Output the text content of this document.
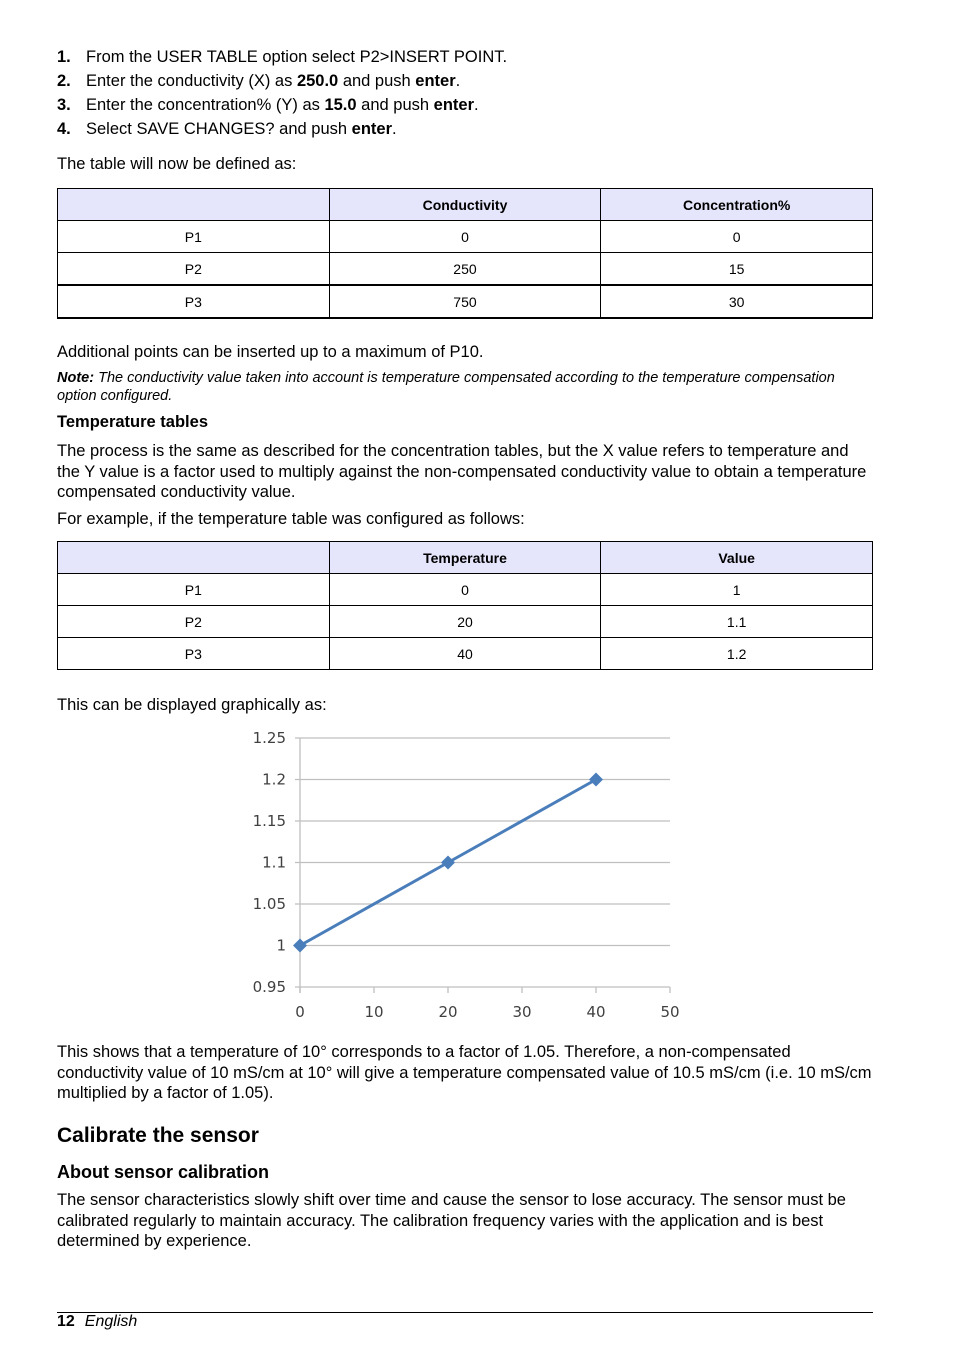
1. From the USER TABLE option select P2>INSERT POINT.
2. Enter the conductivity (X) as 250.0 and push enter.
3. Enter the concentration% (Y) as 15.0 and push enter.
4. Select SAVE CHANGES? and push enter.
The table will now be defined as:
	Conductivity	Concentration%
P1	0	0
P2	250	15
P3	750	30
Additional points can be inserted up to a maximum of P10.
Note: The conductivity value taken into account is temperature compensated according to the temperature compensation option configured.
Temperature tables
The process is the same as described for the concentration tables, but the X value refers to temperature and the Y value is a factor used to multiply against the non-compensated conductivity value to obtain a temperature compensated conductivity value.
For example, if the temperature table was configured as follows:
	Temperature	Value
P1	0	1
P2	20	1.1
P3	40	1.2
This can be displayed graphically as:
0.95
1
1.05
1.1
1.15
1.2
1.25
0	10	20	30	40	50
This shows that a temperature of 10° corresponds to a factor of 1.05. Therefore, a non-compensated conductivity value of 10 mS/cm at 10° will give a temperature compensated value of 10.5 mS/cm (i.e. 10 mS/cm multiplied by a factor of 1.05).
Calibrate the sensor
About sensor calibration
The sensor characteristics slowly shift over time and cause the sensor to lose accuracy. The sensor must be calibrated regularly to maintain accuracy. The calibration frequency varies with the application and is best determined by experience.
12 English
